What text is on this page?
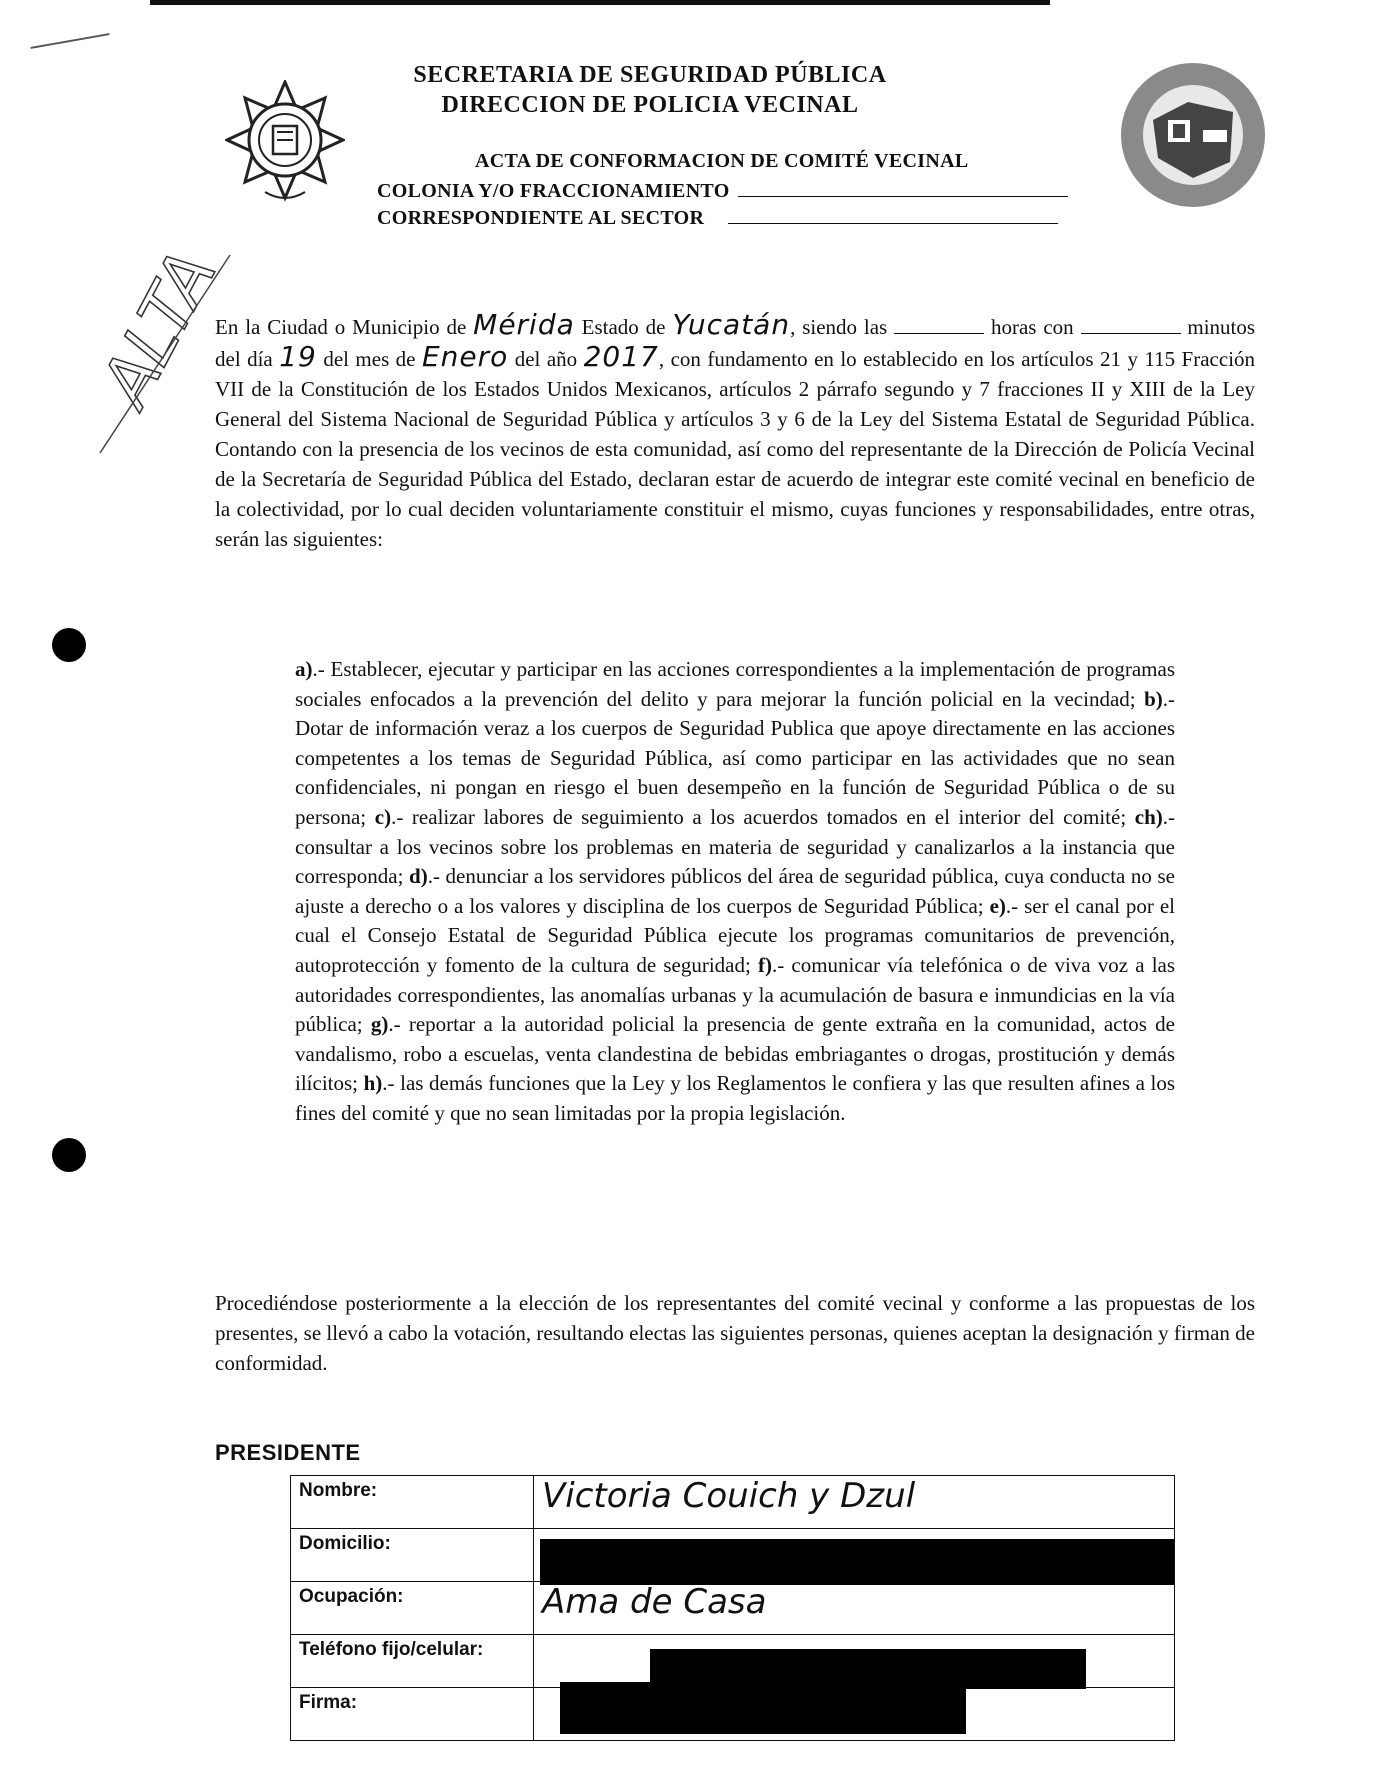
SECRETARIA DE SEGURIDAD PÚBLICA
DIRECCION DE POLICIA VECINAL
ACTA DE CONFORMACION DE COMITÉ VECINAL
COLONIA Y/O FRACCIONAMIENTO
CORRESPONDIENTE AL SECTOR
ALTA
En la Ciudad o Municipio de Mérida Estado de Yucatán, siendo las	horas con	minutos del día 19 del mes de Enero del año 2017, con fundamento en lo establecido en los artículos 21 y 115 Fracción VII de la Constitución de los Estados Unidos Mexicanos, artículos 2 párrafo segundo y 7 fracciones II y XIII de la Ley General del Sistema Nacional de Seguridad Pública y artículos 3 y 6 de la Ley del Sistema Estatal de Seguridad Pública. Contando con la presencia de los vecinos de esta comunidad, así como del representante de la Dirección de Policía Vecinal de la Secretaría de Seguridad Pública del Estado, declaran estar de acuerdo de integrar este comité vecinal en beneficio de la colectividad, por lo cual deciden voluntariamente constituir el mismo, cuyas funciones y responsabilidades, entre otras, serán las siguientes:
a).- Establecer, ejecutar y participar en las acciones correspondientes a la implementación de programas sociales enfocados a la prevención del delito y para mejorar la función policial en la vecindad; b).- Dotar de información veraz a los cuerpos de Seguridad Publica que apoye directamente en las acciones competentes a los temas de Seguridad Pública, así como participar en las actividades que no sean confidenciales, ni pongan en riesgo el buen desempeño en la función de Seguridad Pública o de su persona; c).- realizar labores de seguimiento a los acuerdos tomados en el interior del comité; ch).- consultar a los vecinos sobre los problemas en materia de seguridad y canalizarlos a la instancia que corresponda; d).- denunciar a los servidores públicos del área de seguridad pública, cuya conducta no se ajuste a derecho o a los valores y disciplina de los cuerpos de Seguridad Pública; e).- ser el canal por el cual el Consejo Estatal de Seguridad Pública ejecute los programas comunitarios de prevención, autoprotección y fomento de la cultura de seguridad; f).- comunicar vía telefónica o de viva voz a las autoridades correspondientes, las anomalías urbanas y la acumulación de basura e inmundicias en la vía pública; g).- reportar a la autoridad policial la presencia de gente extraña en la comunidad, actos de vandalismo, robo a escuelas, venta clandestina de bebidas embriagantes o drogas, prostitución y demás ilícitos; h).- las demás funciones que la Ley y los Reglamentos le confiera y las que resulten afines a los fines del comité y que no sean limitadas por la propia legislación.
Procediéndose posteriormente a la elección de los representantes del comité vecinal y conforme a las propuestas de los presentes, se llevó a cabo la votación, resultando electas las siguientes personas, quienes aceptan la designación y firman de conformidad.
PRESIDENTE
Nombre:	Victoria Couich y Dzul
Domicilio:	

Ocupación:	Ama de Casa
Teléfono fijo/celular:	

Firma:	
